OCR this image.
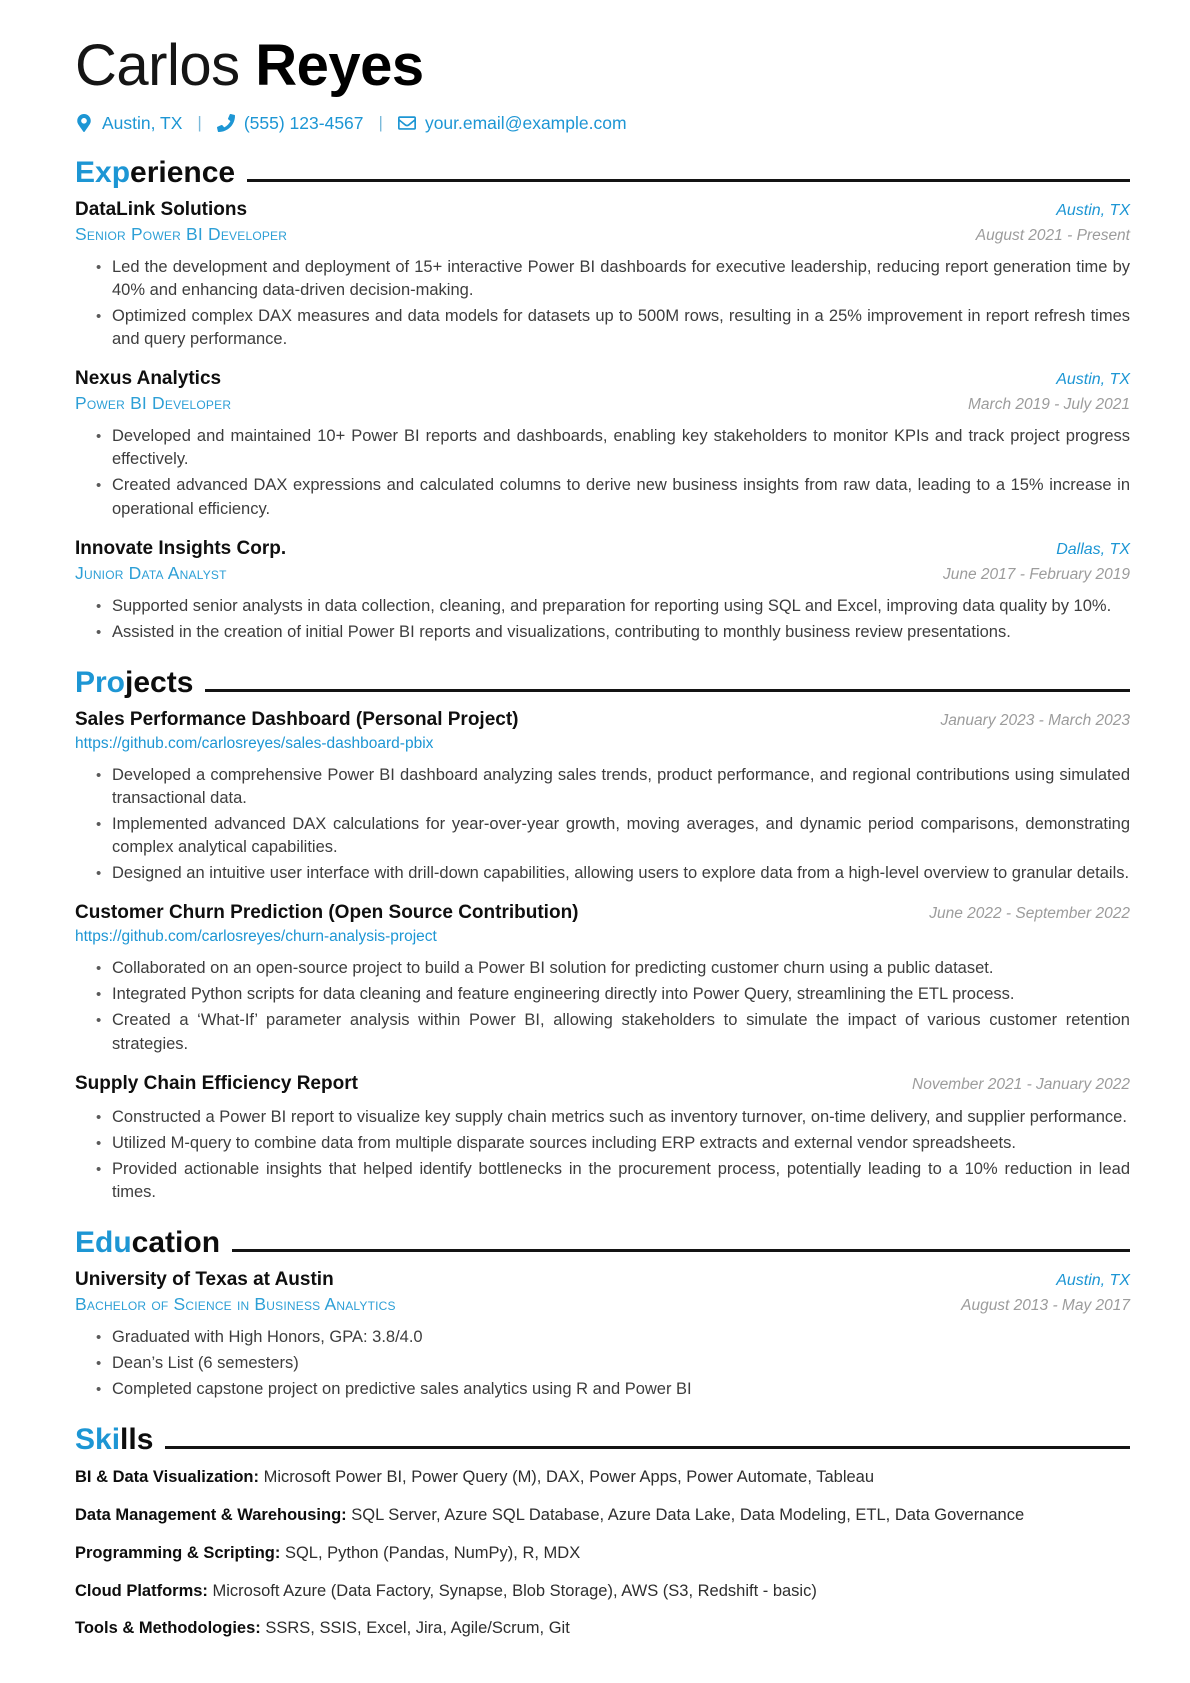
Carlos Reyes
Austin, TX | (555) 123-4567 | your.email@example.com
Exp erience
DataLink Solutions	Austin, TX
Senior Power BI Developer	August 2021 - Present
• Led the development and deployment of 15+ interactive Power BI dashboards for executive leadership, reducing report generation time by 40% and enhancing data-driven decision-making.
• Optimized complex DAX measures and data models for datasets up to 500M rows, resulting in a 25% improvement in report refresh times and query performance.
Nexus Analytics	Austin, TX
Power BI Developer	March 2019 - July 2021
• Developed and maintained 10+ Power BI reports and dashboards, enabling key stakeholders to monitor KPIs and track project progress effectively.
• Created advanced DAX expressions and calculated columns to derive new business insights from raw data, leading to a 15% increase in operational efficiency.
Innovate Insights Corp.	Dallas, TX
Junior Data Analyst	June 2017 - February 2019
• Supported senior analysts in data collection, cleaning, and preparation for reporting using SQL and Excel, improving data quality by 10%.
• Assisted in the creation of initial Power BI reports and visualizations, contributing to monthly business review presentations.
Pro jects
Sales Performance Dashboard (Personal Project)	January 2023 - March 2023
https://github.com/carlosreyes/sales-dashboard-pbix
• Developed a comprehensive Power BI dashboard analyzing sales trends, product performance, and regional contributions using simulated transactional data.
• Implemented advanced DAX calculations for year-over-year growth, moving averages, and dynamic period comparisons, demonstrating complex analytical capabilities.
• Designed an intuitive user interface with drill-down capabilities, allowing users to explore data from a high-level overview to granular details.
Customer Churn Prediction (Open Source Contribution)	June 2022 - September 2022
https://github.com/carlosreyes/churn-analysis-project
• Collaborated on an open-source project to build a Power BI solution for predicting customer churn using a public dataset.
• Integrated Python scripts for data cleaning and feature engineering directly into Power Query, streamlining the ETL process.
• Created a ‘What-If’ parameter analysis within Power BI, allowing stakeholders to simulate the impact of various customer retention strategies.
Supply Chain Efficiency Report	November 2021 - January 2022
• Constructed a Power BI report to visualize key supply chain metrics such as inventory turnover, on-time delivery, and supplier performance.
• Utilized M-query to combine data from multiple disparate sources including ERP extracts and external vendor spreadsheets.
• Provided actionable insights that helped identify bottlenecks in the procurement process, potentially leading to a 10% reduction in lead times.
Edu cation
University of Texas at Austin	Austin, TX
Bachelor of Science in Business Analytics	August 2013 - May 2017
• Graduated with High Honors, GPA: 3.8/4.0
• Dean’s List (6 semesters)
• Completed capstone project on predictive sales analytics using R and Power BI
Ski lls

BI & Data Visualization: Microsoft Power BI, Power Query (M), DAX, Power Apps, Power Automate, Tableau

Data Management & Warehousing: SQL Server, Azure SQL Database, Azure Data Lake, Data Modeling, ETL, Data Governance

Programming & Scripting: SQL, Python (Pandas, NumPy), R, MDX

Cloud Platforms: Microsoft Azure (Data Factory, Synapse, Blob Storage), AWS (S3, Redshift - basic)

Tools & Methodologies: SSRS, SSIS, Excel, Jira, Agile/Scrum, Git
